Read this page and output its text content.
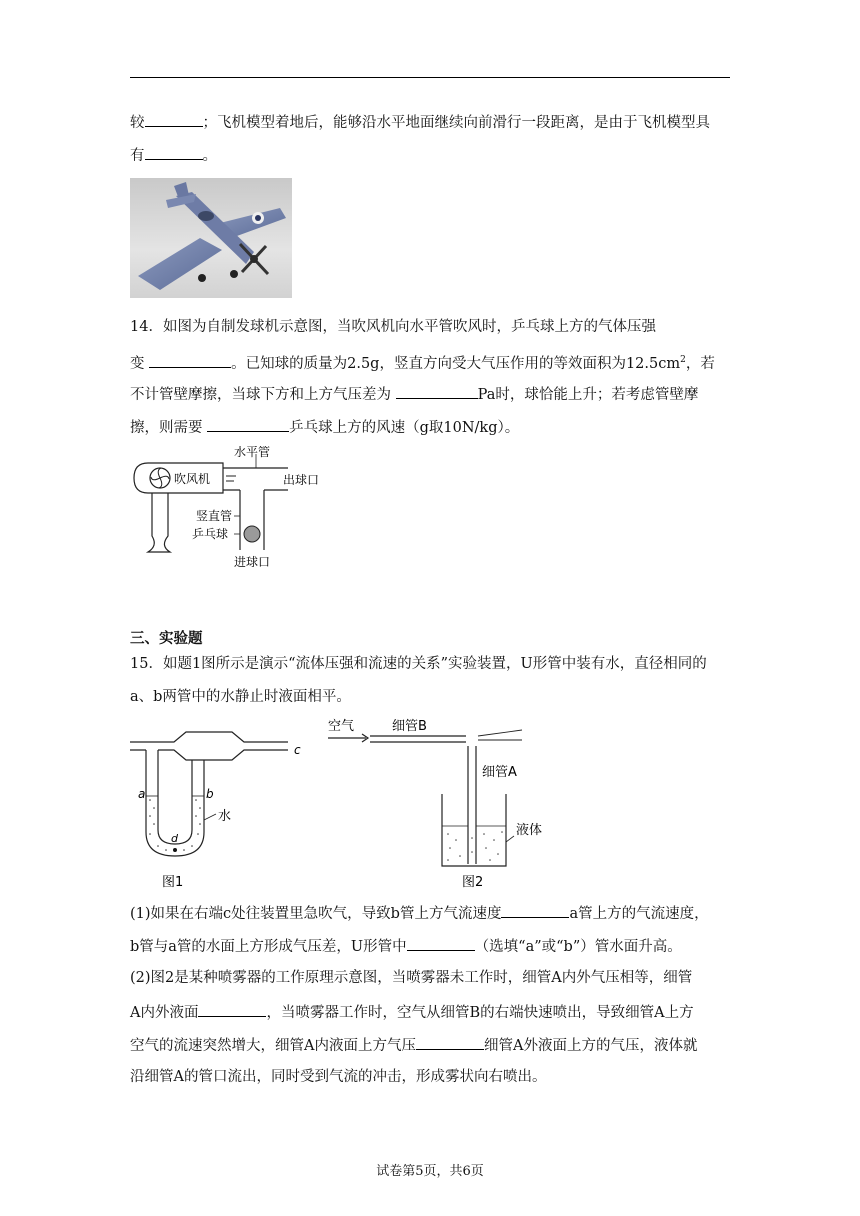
较	；飞机模型着地后，能够沿水平地面继续向前滑行一段距离，是由于飞机模型具
有	。
14．如图为自制发球机示意图，当吹风机向水平管吹风时，乒乓球上方的气体压强
变	。已知球的质量为2.5g，竖直方向受大气压作用的等效面积为$12.5cm^2$，若
不计管壁摩擦，当球下方和上方气压差为	Pa时，球恰能上升；若考虑管壁摩
擦，则需要	乒乓球上方的风速（g取10N/kg）。
水平管
吹风机	出球口
竖直管
乒乓球
进球口
三、实验题
15．如题1图所示是演示“流体压强和流速的关系”实验装置，U形管中装有水，直径相同的
a、b两管中的水静止时液面相平。
a	b
c
d
水
图1
空气	细管B
细管A
液体
图2
(1)如果在右端c处往装置里急吹气，导致b管上方气流速度	a管上方的气流速度，
b管与a管的水面上方形成气压差，U形管中	（选填“a”或“b”）管水面升高。
(2)图2是某种喷雾器的工作原理示意图，当喷雾器未工作时，细管A内外气压相等，细管
A内外液面	，当喷雾器工作时，空气从细管B的右端快速喷出，导致细管A上方
空气的流速突然增大，细管A内液面上方气压	细管A外液面上方的气压，液体就
沿细管A的管口流出，同时受到气流的冲击，形成雾状向右喷出。
试卷第5页，共6页
